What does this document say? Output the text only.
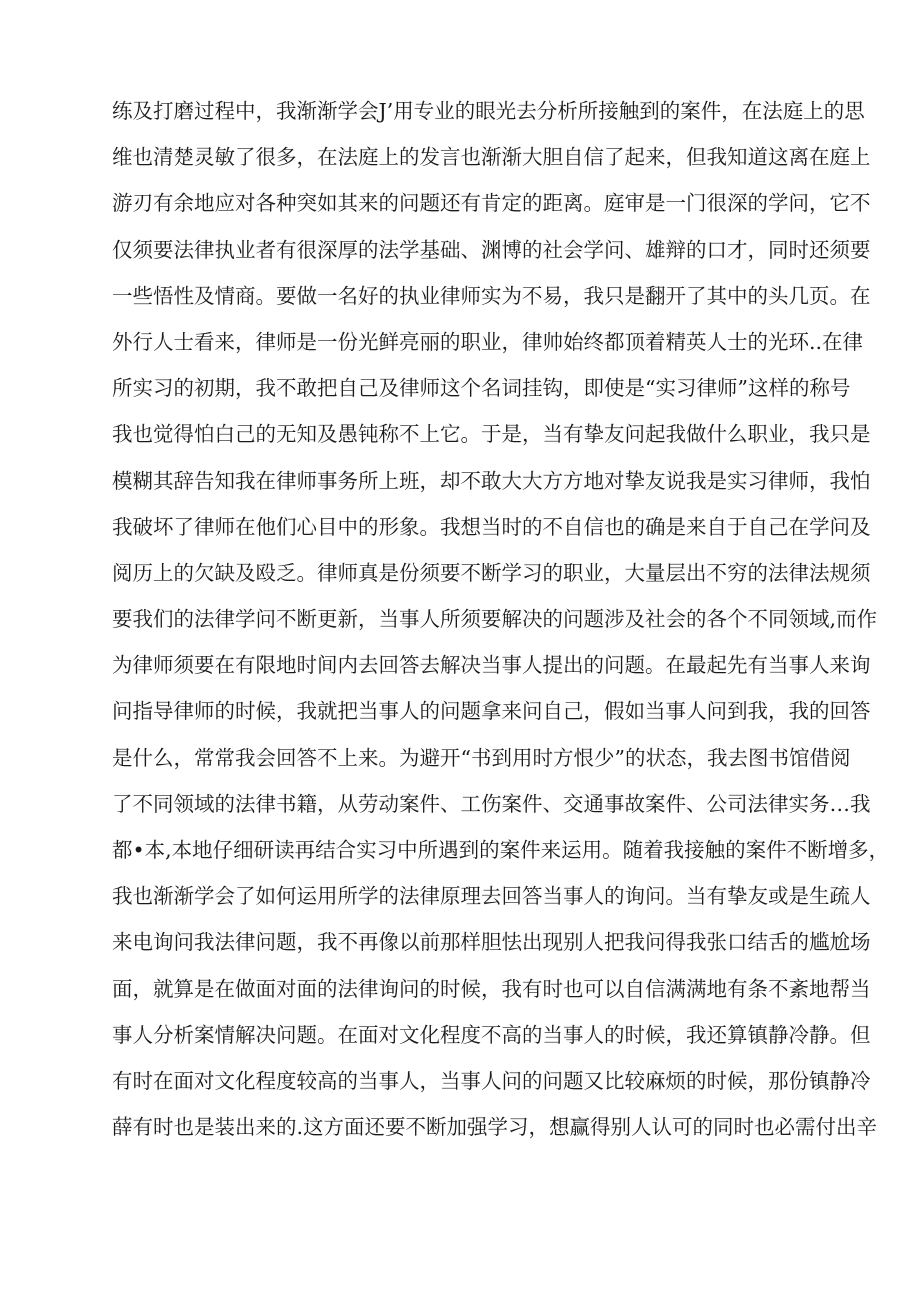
练及打磨过程中，我渐渐学会J’用专业的眼光去分析所接触到的案件，在法庭上的思
维也清楚灵敏了很多，在法庭上的发言也渐渐大胆自信了起来，但我知道这离在庭上
游刃有余地应对各种突如其来的问题还有肯定的距离。庭审是一门很深的学问，它不
仅须要法律执业者有很深厚的法学基础、渊博的社会学问、雄辩的口才，同时还须要
一些悟性及情商。要做一名好的执业律师实为不易，我只是翻开了其中的头几页。在
外行人士看来，律师是一份光鲜亮丽的职业，律帅始终都顶着精英人士的光环..在律
所实习的初期，我不敢把自己及律师这个名词挂钩，即使是“实习律师”这样的称号
我也觉得怕白己的无知及愚钝称不上它。于是，当有挚友问起我做什么职业，我只是
模糊其辞告知我在律师事务所上班，却不敢大大方方地对挚友说我是实习律师，我怕
我破坏了律师在他们心目中的形象。我想当时的不自信也的确是来自于自己在学问及
阅历上的欠缺及殴乏。律师真是份须要不断学习的职业，大量层出不穷的法律法规须
要我们的法律学问不断更新，当事人所须要解决的问题涉及社会的各个不同领域,而作
为律师须要在有限地时间内去回答去解决当事人提出的问题。在最起先有当事人来询
问指导律师的时候，我就把当事人的问题拿来问自己，假如当事人问到我，我的回答
是什么，常常我会回答不上来。为避开“书到用时方恨少”的状态，我去图书馆借阅
了不同领域的法律书籍，从劳动案件、工伤案件、交通事故案件、公司法律实务…我
都•本,本地仔细研读再结合实习中所遇到的案件来运用。随着我接触的案件不断增多，
我也渐渐学会了如何运用所学的法律原理去回答当事人的询问。当有挚友或是生疏人
来电询问我法律问题，我不再像以前那样胆怯出现别人把我问得我张口结舌的尴尬场
面，就算是在做面对面的法律询问的时候，我有时也可以自信满满地有条不紊地帮当
事人分析案情解决问题。在面对文化程度不高的当事人的时候，我还算镇静冷静。但
有时在面对文化程度较高的当事人，当事人问的问题又比较麻烦的时候，那份镇静冷
薛有时也是装出来的.这方面还要不断加强学习，想赢得别人认可的同时也必需付出辛
